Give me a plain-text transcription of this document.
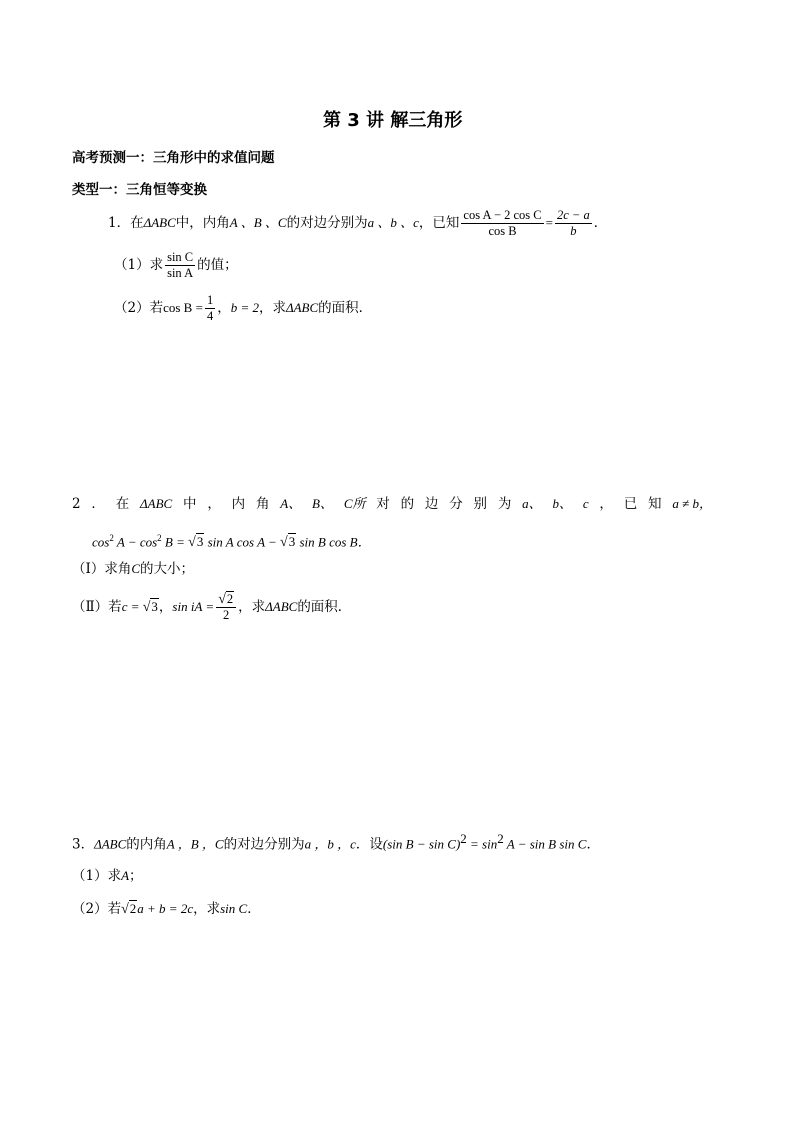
第 3 讲 解三角形
高考预测一：三角形中的求值问题
类型一：三角恒等变换
1．在ΔABC中，内角A 、B 、C的对边分别为a 、b 、c，已知 $\frac{\text{cos A − 2 cos C}}{\text{cos B}} = \frac{2c - a}{b}$ ．
（1）求 $\frac{\text{sin C}}{\text{sin A}}$ 的值；
（2）若$\cos B = \frac{1}{4}$ ，b = 2，求ΔABC的面积．
2 ． 在 ΔABC 中 ， 内 角 A、 B、 C所 对 的 边 分 别 为 a、 b、 c ， 已 知 a ≠ b，
$\cos^2 A - \cos^2 B = √3$ sin A cos A − √3 sin B cos B．
（Ⅰ）求角C的大小；
（Ⅱ）若c = √3，sin iA = $\frac{√2}{2}$ ，求ΔABC的面积．
3．ΔABC的内角A ，B ，C的对边分别为a ，b ，c．设(sin $B - \sin C)^2 = \sin^2 A - \sin B$ sin C．
（1）求A；
（2）若√2a + b = 2c，求sin C．
